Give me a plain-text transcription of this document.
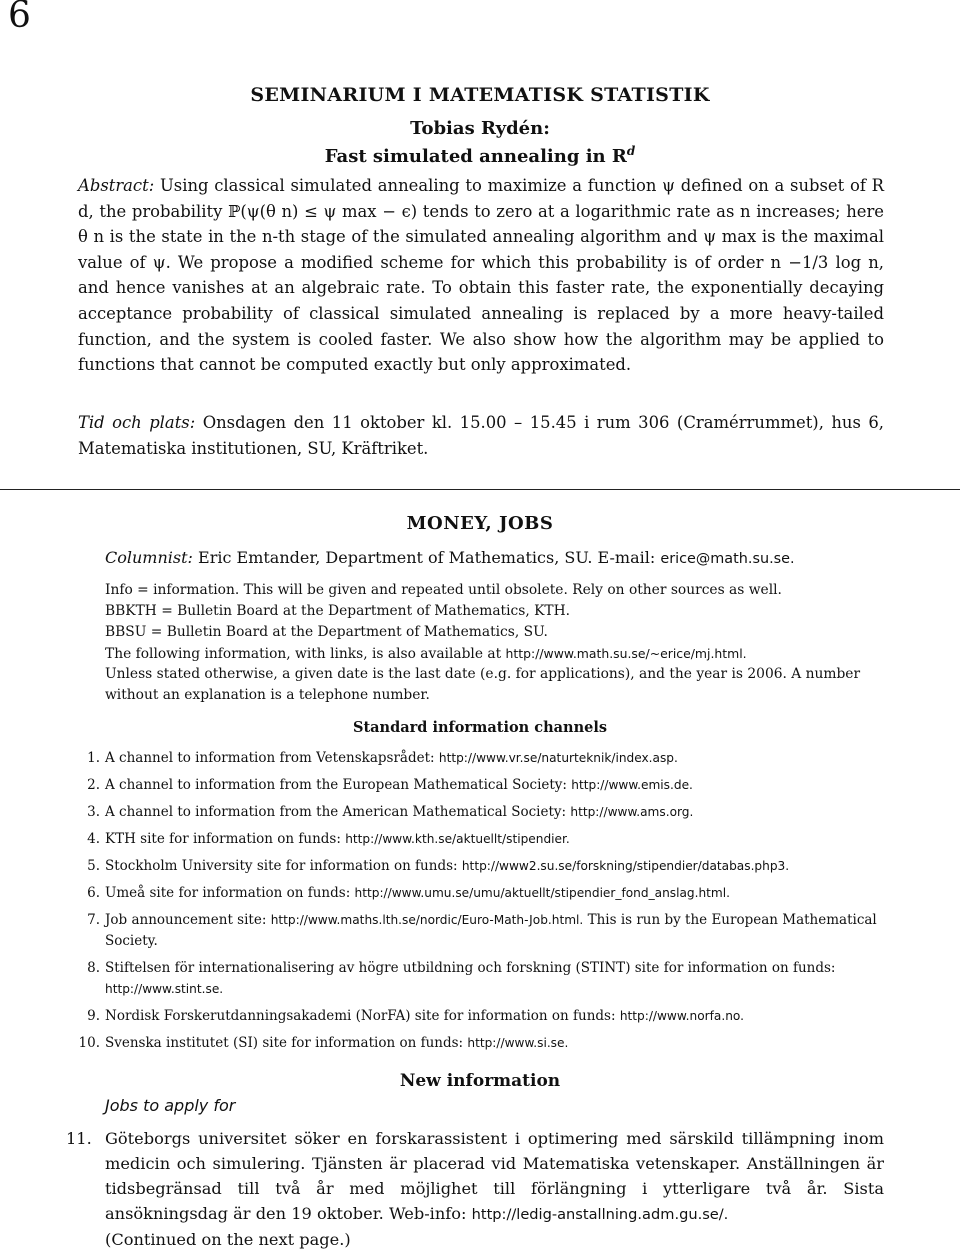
6
SEMINARIUM I MATEMATISK STATISTIK
Tobias Rydén:
Fast simulated annealing in $R^d$
Abstract: Using classical simulated annealing to maximize a function ψ defined on a subset of R d, the probability ℙ(ψ(θ n) ≤ ψ max − ϵ) tends to zero at a logarithmic rate as n increases; here θ n is the state in the n-th stage of the simulated annealing algorithm and ψ max is the maximal value of ψ. We propose a modified scheme for which this probability is of order n −1/3 log n, and hence vanishes at an algebraic rate. To obtain this faster rate, the exponentially decaying acceptance probability of classical simulated annealing is replaced by a more heavy-tailed function, and the system is cooled faster. We also show how the algorithm may be applied to functions that cannot be computed exactly but only approximated.
Tid och plats: Onsdagen den 11 oktober kl. 15.00 – 15.45 i rum 306 (Cramérrummet), hus 6, Matematiska institutionen, SU, Kräftriket.
MONEY, JOBS
Columnist: Eric Emtander, Department of Mathematics, SU. E-mail: erice@math.su.se.
Info = information. This will be given and repeated until obsolete. Rely on other sources as well.
BBKTH = Bulletin Board at the Department of Mathematics, KTH.
BBSU = Bulletin Board at the Department of Mathematics, SU.
The following information, with links, is also available at http://www.math.su.se/~erice/mj.html.
Unless stated otherwise, a given date is the last date (e.g. for applications), and the year is 2006. A number without an explanation is a telephone number.
Standard information channels
1. A channel to information from Vetenskapsrådet: http://www.vr.se/naturteknik/index.asp.
2. A channel to information from the European Mathematical Society: http://www.emis.de.
3. A channel to information from the American Mathematical Society: http://www.ams.org.
4. KTH site for information on funds: http://www.kth.se/aktuellt/stipendier.
5. Stockholm University site for information on funds: http://www2.su.se/forskning/stipendier/databas.php3.
6. Umeå site for information on funds: http://www.umu.se/umu/aktuellt/stipendier_fond_anslag.html.
7. Job announcement site: http://www.maths.lth.se/nordic/Euro-Math-Job.html. This is run by the European Mathematical Society.
8. Stiftelsen för internationalisering av högre utbildning och forskning (STINT) site for information on funds: http://www.stint.se.
9. Nordisk Forskerutdanningsakademi (NorFA) site for information on funds: http://www.norfa.no.
10. Svenska institutet (SI) site for information on funds: http://www.si.se.
New information
Jobs to apply for
11. Göteborgs universitet söker en forskarassistent i optimering med särskild tillämpning inom medicin och simulering. Tjänsten är placerad vid Matematiska vetenskaper. Anställningen är tidsbegränsad till två år med möjlighet till förlängning i ytterligare två år. Sista ansökningsdag är den 19 oktober. Web-info: http://ledig-anstallning.adm.gu.se/.
(Continued on the next page.)
